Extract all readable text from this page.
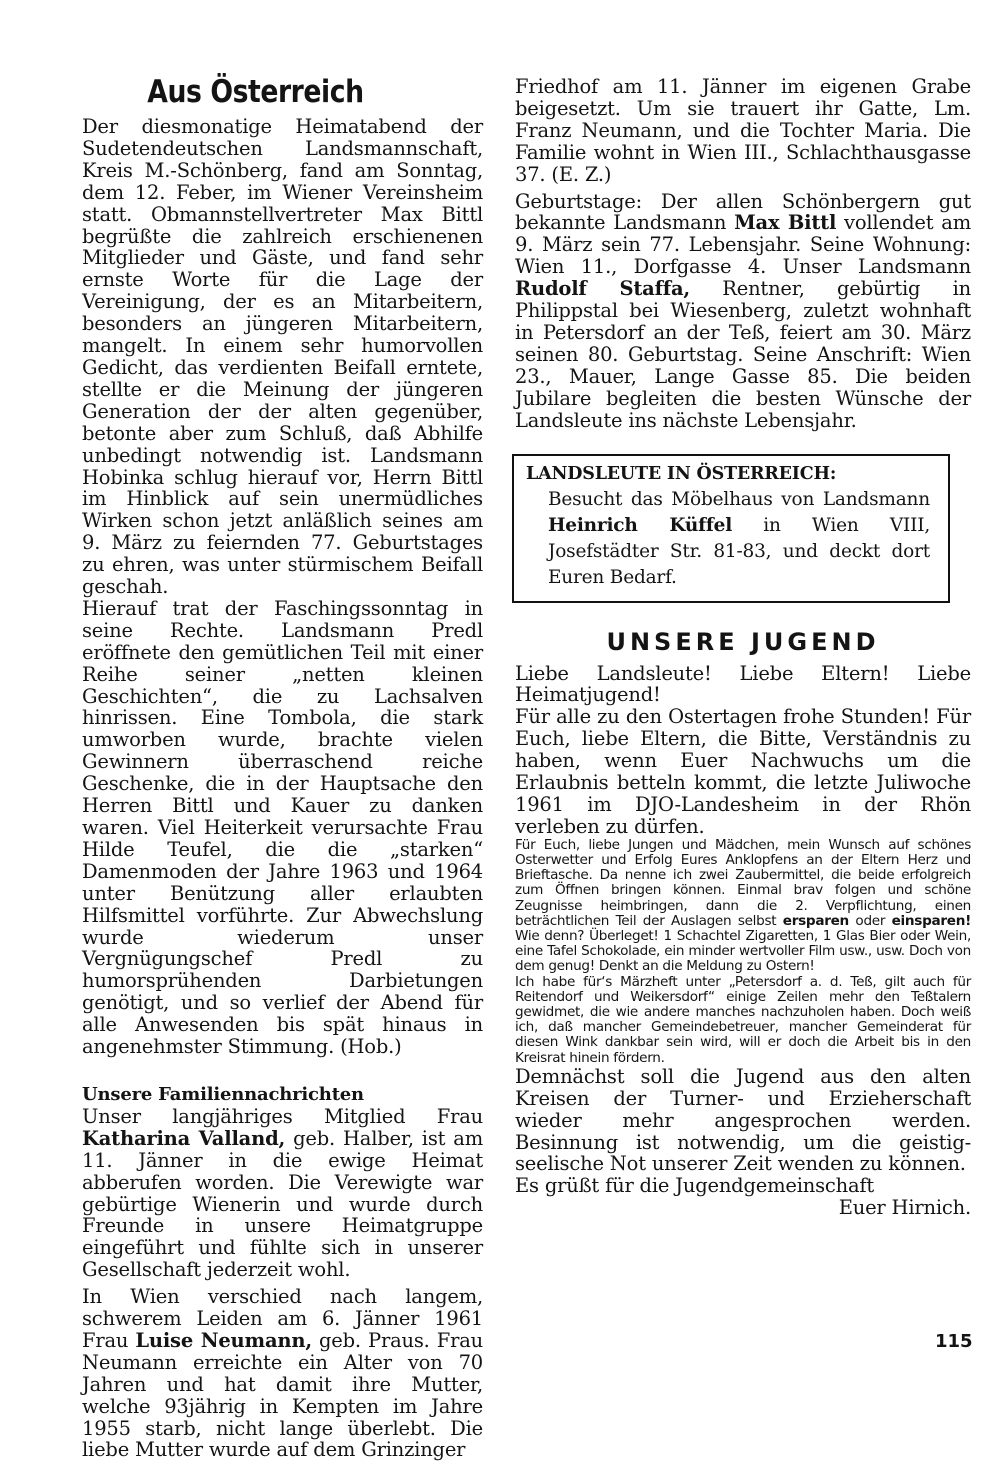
Aus Österreich

Der diesmonatige Heimatabend der Sudetendeutschen Landsmannschaft, Kreis M.-Schönberg, fand am Sonntag, dem 12. Feber, im Wiener Vereinsheim statt. Obmannstellvertreter Max Bittl begrüßte die zahlreich erschienenen Mitglieder und Gäste, und fand sehr ernste Worte für die Lage der Vereinigung, der es an Mitarbeitern, besonders an jüngeren Mitarbeitern, mangelt. In einem sehr humorvollen Gedicht, das verdienten Beifall erntete, stellte er die Meinung der jüngeren Generation der der alten gegenüber, betonte aber zum Schluß, daß Abhilfe unbedingt notwendig ist. Landsmann Hobinka schlug hierauf vor, Herrn Bittl im Hinblick auf sein unermüdliches Wirken schon jetzt anläßlich seines am 9. März zu feiernden 77. Geburtstages zu ehren, was unter stürmischem Beifall geschah.

Hierauf trat der Faschingssonntag in seine Rechte. Landsmann Predl eröffnete den gemütlichen Teil mit einer Reihe seiner „netten kleinen Geschichten“, die zu Lachsalven hinrissen. Eine Tombola, die stark umworben wurde, brachte vielen Gewinnern überraschend reiche Geschenke, die in der Hauptsache den Herren Bittl und Kauer zu danken waren. Viel Heiterkeit verursachte Frau Hilde Teufel, die die „starken“ Damenmoden der Jahre 1963 und 1964 unter Benützung aller erlaubten Hilfsmittel vorführte. Zur Abwechslung wurde wiederum unser Vergnügungschef Predl zu humorsprühenden Darbietungen genötigt, und so verlief der Abend für alle Anwesenden bis spät hinaus in angenehmster Stimmung. (Hob.)

Unsere Familiennachrichten

Unser langjähriges Mitglied Frau Katharina Valland, geb. Halber, ist am 11. Jänner in die ewige Heimat abberufen worden. Die Verewigte war gebürtige Wienerin und wurde durch Freunde in unsere Heimatgruppe eingeführt und fühlte sich in unserer Gesellschaft jederzeit wohl.

In Wien verschied nach langem, schwerem Leiden am 6. Jänner 1961 Frau Luise Neumann, geb. Praus. Frau Neumann erreichte ein Alter von 70 Jahren und hat damit ihre Mutter, welche 93jährig in Kempten im Jahre 1955 starb, nicht lange überlebt. Die liebe Mutter wurde auf dem Grinzinger

Friedhof am 11. Jänner im eigenen Grabe beigesetzt. Um sie trauert ihr Gatte, Lm. Franz Neumann, und die Tochter Maria. Die Familie wohnt in Wien III., Schlachthausgasse 37. (E. Z.)

Geburtstage: Der allen Schönbergern gut bekannte Landsmann Max Bittl vollendet am 9. März sein 77. Lebensjahr. Seine Wohnung: Wien 11., Dorfgasse 4. Unser Landsmann Rudolf Staffa, Rentner, gebürtig in Philippstal bei Wiesenberg, zuletzt wohnhaft in Petersdorf an der Teß, feiert am 30. März seinen 80. Geburtstag. Seine Anschrift: Wien 23., Mauer, Lange Gasse 85. Die beiden Jubilare begleiten die besten Wünsche der Landsleute ins nächste Lebensjahr.

LANDSLEUTE IN ÖSTERREICH:

Besucht das Möbelhaus von Landsmann Heinrich Küffel in Wien VIII, Josefstädter Str. 81-83, und deckt dort Euren Bedarf.
UNSERE JUGEND

Liebe Landsleute! Liebe Eltern! Liebe Heimatjugend!

Für alle zu den Ostertagen frohe Stunden! Für Euch, liebe Eltern, die Bitte, Verständnis zu haben, wenn Euer Nachwuchs um die Erlaubnis betteln kommt, die letzte Juliwoche 1961 im DJO-Landesheim in der Rhön verleben zu dürfen.

Für Euch, liebe Jungen und Mädchen, mein Wunsch auf schönes Osterwetter und Erfolg Eures Anklopfens an der Eltern Herz und Brieftasche. Da nenne ich zwei Zaubermittel, die beide erfolgreich zum Öffnen bringen können. Einmal brav folgen und schöne Zeugnisse heimbringen, dann die 2. Verpflichtung, einen beträchtlichen Teil der Auslagen selbst ersparen oder einsparen! Wie denn? Überleget! 1 Schachtel Zigaretten, 1 Glas Bier oder Wein, eine Tafel Schokolade, ein minder wertvoller Film usw., usw. Doch von dem genug! Denkt an die Meldung zu Ostern!

Ich habe für‘s Märzheft unter „Petersdorf a. d. Teß, gilt auch für Reitendorf und Weikersdorf“ einige Zeilen mehr den Teßtalern gewidmet, die wie andere manches nachzuholen haben. Doch weiß ich, daß mancher Gemeindebetreuer, mancher Gemeinderat für diesen Wink dankbar sein wird, will er doch die Arbeit bis in den Kreisrat hinein fördern.

Demnächst soll die Jugend aus den alten Kreisen der Turner- und Erzieherschaft wieder mehr angesprochen werden. Besinnung ist notwendig, um die geistig-seelische Not unserer Zeit wenden zu können.

Es grüßt für die Jugendgemeinschaft

Euer Hirnich.

115
